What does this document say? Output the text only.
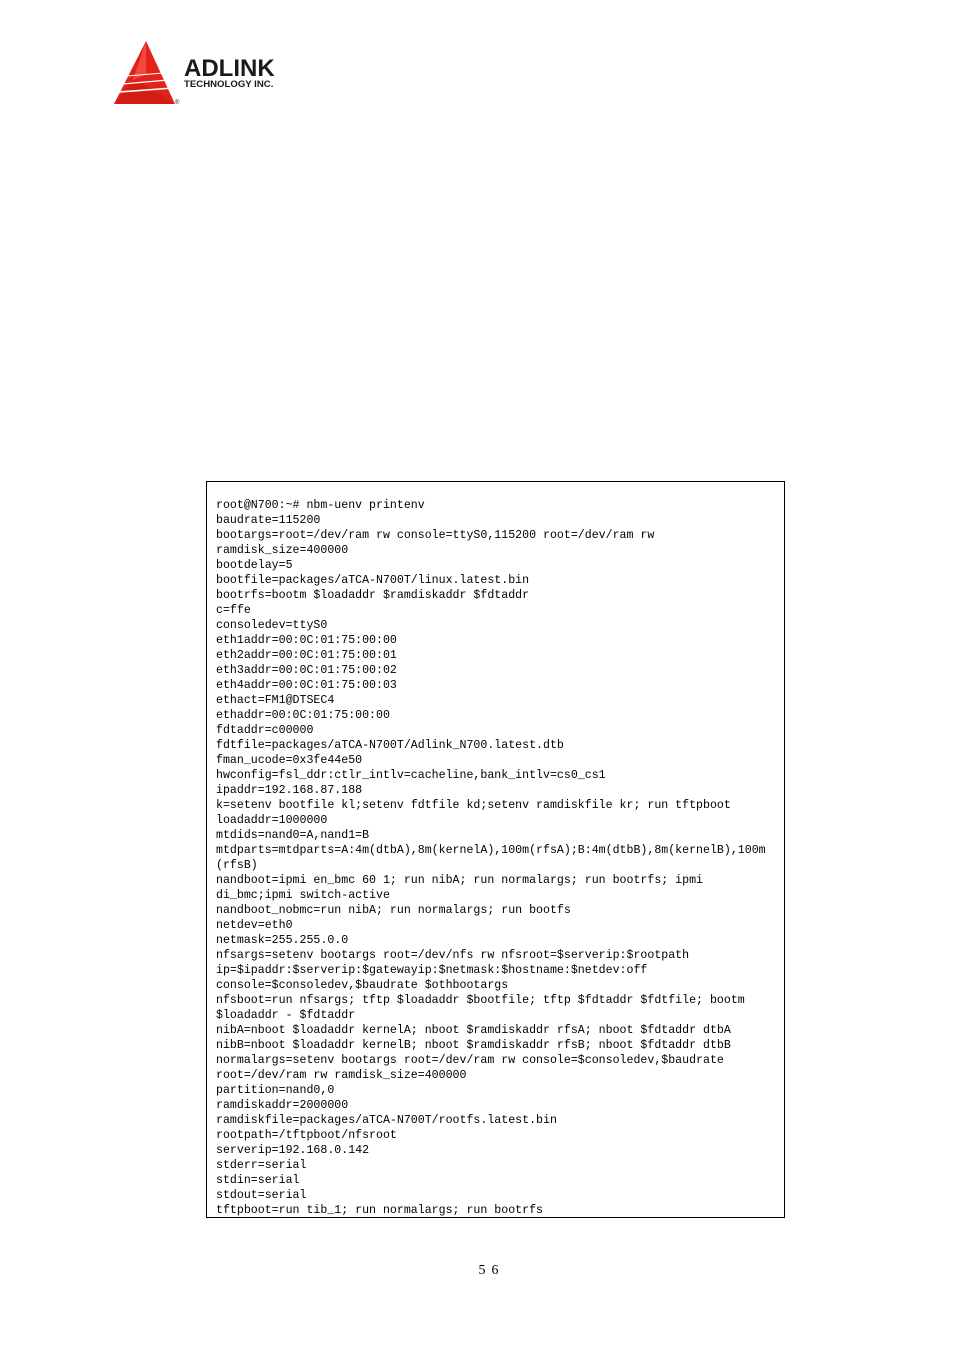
ADLINK
TECHNOLOGY INC.
®
root@N700:~# nbm-uenv printenv
baudrate=115200
bootargs=root=/dev/ram rw console=ttyS0,115200 root=/dev/ram rw
ramdisk_size=400000
bootdelay=5
bootfile=packages/aTCA-N700T/linux.latest.bin
bootrfs=bootm $loadaddr $ramdiskaddr $fdtaddr
c=ffe
consoledev=ttyS0
eth1addr=00:0C:01:75:00:00
eth2addr=00:0C:01:75:00:01
eth3addr=00:0C:01:75:00:02
eth4addr=00:0C:01:75:00:03
ethact=FM1@DTSEC4
ethaddr=00:0C:01:75:00:00
fdtaddr=c00000
fdtfile=packages/aTCA-N700T/Adlink_N700.latest.dtb
fman_ucode=0x3fe44e50
hwconfig=fsl_ddr:ctlr_intlv=cacheline,bank_intlv=cs0_cs1
ipaddr=192.168.87.188
k=setenv bootfile kl;setenv fdtfile kd;setenv ramdiskfile kr; run tftpboot
loadaddr=1000000
mtdids=nand0=A,nand1=B
mtdparts=mtdparts=A:4m(dtbA),8m(kernelA),100m(rfsA);B:4m(dtbB),8m(kernelB),100m
(rfsB)
nandboot=ipmi en_bmc 60 1; run nibA; run normalargs; run bootrfs; ipmi
di_bmc;ipmi switch-active
nandboot_nobmc=run nibA; run normalargs; run bootfs
netdev=eth0
netmask=255.255.0.0
nfsargs=setenv bootargs root=/dev/nfs rw nfsroot=$serverip:$rootpath
ip=$ipaddr:$serverip:$gatewayip:$netmask:$hostname:$netdev:off
console=$consoledev,$baudrate $othbootargs
nfsboot=run nfsargs; tftp $loadaddr $bootfile; tftp $fdtaddr $fdtfile; bootm
$loadaddr - $fdtaddr
nibA=nboot $loadaddr kernelA; nboot $ramdiskaddr rfsA; nboot $fdtaddr dtbA
nibB=nboot $loadaddr kernelB; nboot $ramdiskaddr rfsB; nboot $fdtaddr dtbB
normalargs=setenv bootargs root=/dev/ram rw console=$consoledev,$baudrate
root=/dev/ram rw ramdisk_size=400000
partition=nand0,0
ramdiskaddr=2000000
ramdiskfile=packages/aTCA-N700T/rootfs.latest.bin
rootpath=/tftpboot/nfsroot
serverip=192.168.0.142
stderr=serial
stdin=serial
stdout=serial
tftpboot=run tib_1; run normalargs; run bootrfs
56
